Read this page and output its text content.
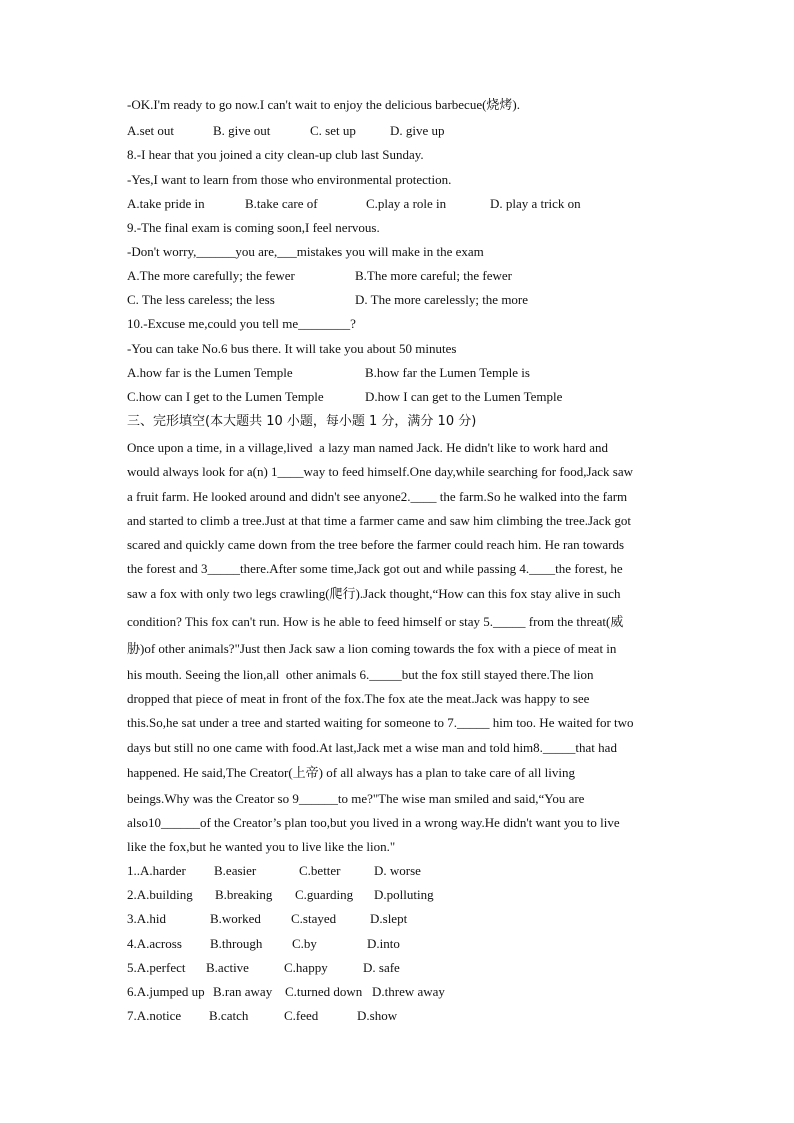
-OK.I'm ready to go now.I can't wait to enjoy the delicious barbecue(烧烤).

A.set out

	B. give out

	C. set up

	D. give up

8.-I hear that you joined a city clean-up club last Sunday.
-Yes,I want to learn from those who environmental protection.

A.take pride in

	B.take care of

	C.play a role in

	D. play a trick on

9.-The final exam is coming soon,I feel nervous.
-Don't worry,______you are,___mistakes you will make in the exam

A.The more carefully; the fewer

	B.The more careful; the fewer

C. The less careless; the less

	D. The more carelessly; the more

10.-Excuse me,could you tell me________?
-You can take No.6 bus there. It will take you about 50 minutes

A.how far is the Lumen Temple

	B.how far the Lumen Temple is

C.how can I get to the Lumen Temple

	D.how I can get to the Lumen Temple

三、完形填空(本大题共 10 小题，每小题 1 分，满分 10 分)
Once upon a time, in a village,lived  a lazy man named Jack. He didn't like to work hard and
would always look for a(n) 1____way to feed himself.One day,while searching for food,Jack saw
a fruit farm. He looked around and didn't see anyone2.____ the farm.So he walked into the farm
and started to climb a tree.Just at that time a farmer came and saw him climbing the tree.Jack got
scared and quickly came down from the tree before the farmer could reach him. He ran towards
the forest and 3_____there.After some time,Jack got out and while passing 4.____the forest, he
saw a fox with only two legs crawling(爬行).Jack thought,“How can this fox stay alive in such
condition? This fox can't run. How is he able to feed himself or stay 5._____ from the threat(威
胁)of other animals?"Just then Jack saw a lion coming towards the fox with a piece of meat in
his mouth. Seeing the lion,all  other animals 6._____but the fox still stayed there.The lion
dropped that piece of meat in front of the fox.The fox ate the meat.Jack was happy to see
this.So,he sat under a tree and started waiting for someone to 7._____ him too. He waited for two
days but still no one came with food.At last,Jack met a wise man and told him8._____that had
happened. He said,The Creator(上帝) of all always has a plan to take care of all living
beings.Why was the Creator so 9______to me?"The wise man smiled and said,“You are
also10______of the Creator’s plan too,but you lived in a wrong way.He didn't want you to live
like the fox,but he wanted you to live like the lion."

1..A.harder

B.easier

	C.better

	D. worse

2.A.building

B.breaking

C.guarding

D.polluting

3.A.hid

	B.worked

C.stayed

	D.slept

4.A.across

B.through

C.by

	D.into

5.A.perfect

B.active

	C.happy

	D. safe

6.A.jumped up

B.ran away

C.turned down

D.threw away

7.A.notice

B.catch

	C.feed

	D.show
